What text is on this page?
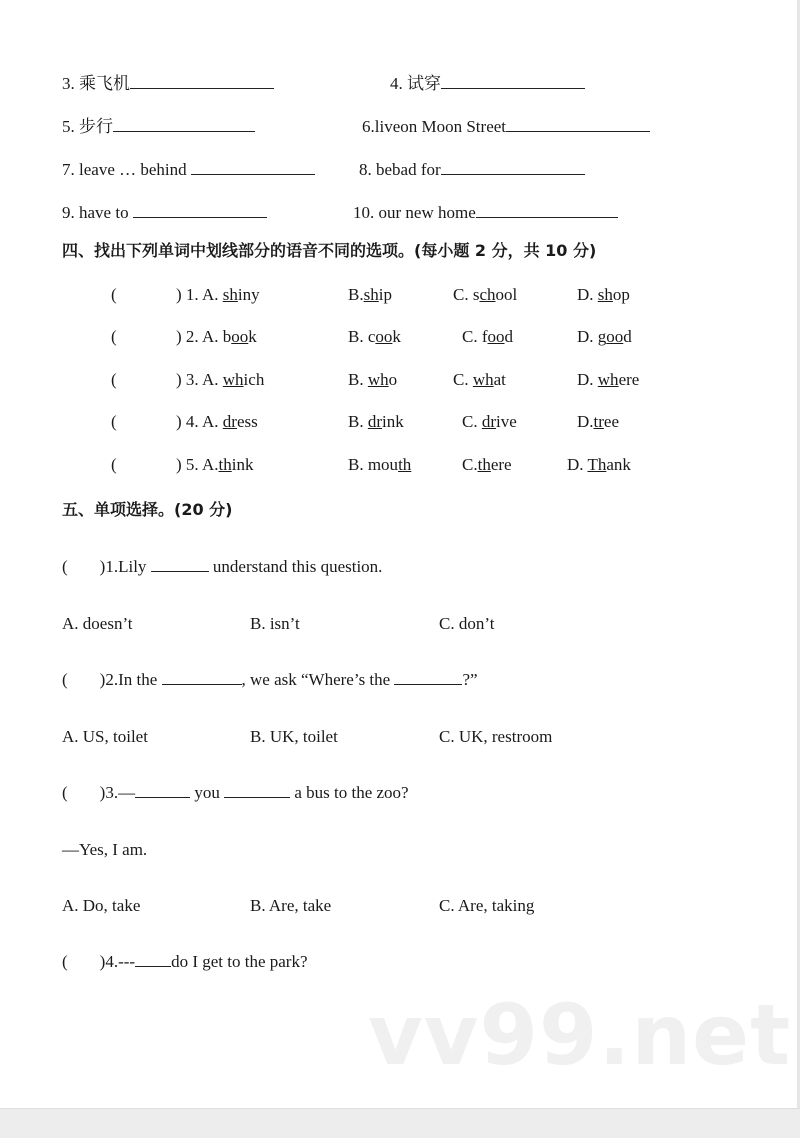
3. 乘飞机	4. 试穿
5. 步行	6.liveon Moon Street
7. leave … behind	8. bebad for
9. have to	10. our new home
四、找出下列单词中划线部分的语音不同的选项。(每小题 2 分，共 10 分)
(	) 1. A. shiny	B.ship	C. school	D. shop
(	) 2. A. book	B. cook	C. food	D. good
(	) 3. A. which	B. who	C. what	D. where
(	) 4. A. dress	B. drink	C. drive	D.tree
(	) 5. A.think	B. mouth	C.there	D. Thank
五、单项选择。(20 分)
( )1.Lily	understand this question.
A. doesn’t	B. isn’t	C. don’t
( )2.In the	, we ask “Where’s the	?”
A. US, toilet	B. UK, toilet	C. UK, restroom
( )3.—	you	a bus to the zoo?
—Yes, I am.
A. Do, take	B. Are, take	C. Are, taking
( )4.--- do I get to the park?
vv99.net
